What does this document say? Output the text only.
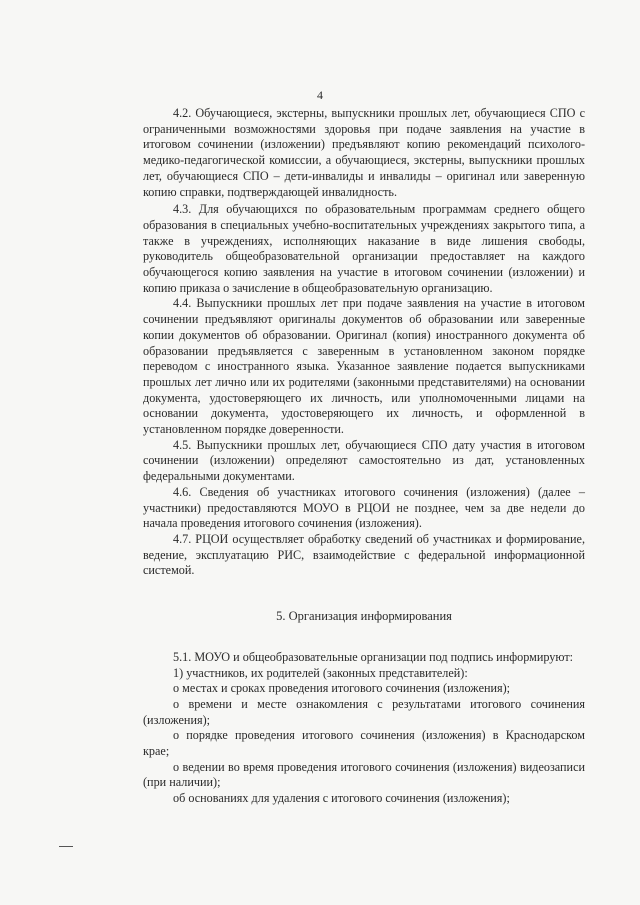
4

4.2. Обучающиеся, экстерны, выпускники прошлых лет, обучающиеся СПО с ограниченными возможностями здоровья при подаче заявления на участие в итоговом сочинении (изложении) предъявляют копию рекомендаций психолого-медико-педагогической комиссии, а обучающиеся, экстерны, выпускники прошлых лет, обучающиеся СПО – дети-инвалиды и инвалиды – оригинал или заверенную копию справки, подтверждающей инвалидность.

4.3. Для обучающихся по образовательным программам среднего общего образования в специальных учебно-воспитательных учреждениях закрытого типа, а также в учреждениях, исполняющих наказание в виде лишения свободы, руководитель общеобразовательной организации предоставляет на каждого обучающегося копию заявления на участие в итоговом сочинении (изложении) и копию приказа о зачисление в общеобразовательную организацию.

4.4. Выпускники прошлых лет при подаче заявления на участие в итоговом сочинении предъявляют оригиналы документов об образовании или заверенные копии документов об образовании. Оригинал (копия) иностранного документа об образовании предъявляется с заверенным в установленном законом порядке переводом с иностранного языка. Указанное заявление подается выпускниками прошлых лет лично или их родителями (законными представителями) на основании документа, удостоверяющего их личность, или уполномоченными лицами на основании документа, удостоверяющего их личность, и оформленной в установленном порядке доверенности.

4.5. Выпускники прошлых лет, обучающиеся СПО дату участия в итоговом сочинении (изложении) определяют самостоятельно из дат, установленных федеральными документами.

4.6. Сведения об участниках итогового сочинения (изложения) (далее – участники) предоставляются МОУО в РЦОИ не позднее, чем за две недели до начала проведения итогового сочинения (изложения).

4.7. РЦОИ осуществляет обработку сведений об участниках и формирование, ведение, эксплуатацию РИС, взаимодействие с федеральной информационной системой.

5. Организация информирования

5.1. МОУО и общеобразовательные организации под подпись информируют:

1) участников, их родителей (законных представителей):

о местах и сроках проведения итогового сочинения (изложения);

о времени и месте ознакомления с результатами итогового сочинения (изложения);

о порядке проведения итогового сочинения (изложения) в Краснодарском крае;

о ведении во время проведения итогового сочинения (изложения) видеозаписи (при наличии);

об основаниях для удаления с итогового сочинения (изложения);
